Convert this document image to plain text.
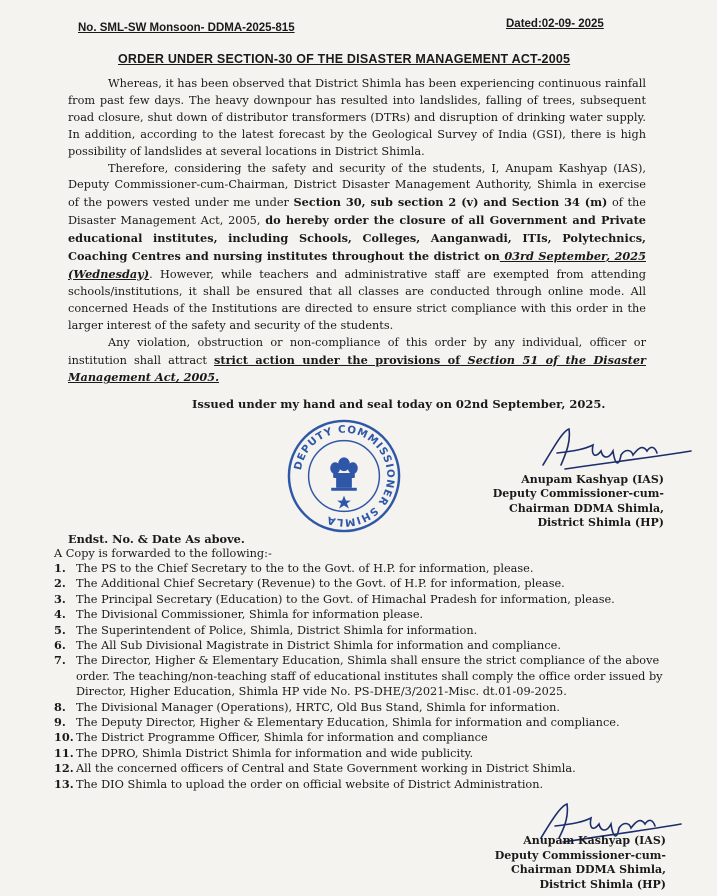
No. SML-SW Monsoon- DDMA-2025-815	Dated:02-09- 2025
ORDER UNDER SECTION-30 OF THE DISASTER MANAGEMENT ACT-2005

Whereas, it has been observed that District Shimla has been experiencing continuous rainfall from past few days. The heavy downpour has resulted into landslides, falling of trees, subsequent road closure, shut down of distributor transformers (DTRs) and disruption of drinking water supply. In addition, according to the latest forecast by the Geological Survey of India (GSI), there is high possibility of landslides at several locations in District Shimla.

Therefore, considering the safety and security of the students, I, Anupam Kashyap (IAS), Deputy Commissioner-cum-Chairman, District Disaster Management Authority, Shimla in exercise of the powers vested under me under Section 30, sub section 2 (v) and Section 34 (m) of the Disaster Management Act, 2005, do hereby order the closure of all Government and Private educational institutes, including Schools, Colleges, Aanganwadi, ITIs, Polytechnics, Coaching Centres and nursing institutes throughout the district on 03rd September, 2025 (Wednesday). However, while teachers and administrative staff are exempted from attending schools/institutions, it shall be ensured that all classes are conducted through online mode. All concerned Heads of the Institutions are directed to ensure strict compliance with this order in the larger interest of the safety and security of the students.

Any violation, obstruction or non-compliance of this order by any individual, officer or institution shall attract strict action under the provisions of Section 51 of the Disaster Management Act, 2005.

Issued under my hand and seal today on 02nd September, 2025.
DEPUTY COMMISSIONER SHIMLA
Anupam Kashyap (IAS)
Deputy Commissioner-cum-
Chairman DDMA Shimla,
District Shimla (HP)
Endst. No. & Date As above.
A Copy is forwarded to the following:-
1. The PS to the Chief Secretary to the to the Govt. of H.P. for information, please.
2. The Additional Chief Secretary (Revenue) to the Govt. of H.P. for information, please.
3. The Principal Secretary (Education) to the Govt. of Himachal Pradesh for information, please.
4. The Divisional Commissioner, Shimla for information please.
5. The Superintendent of Police, Shimla, District Shimla for information.
6. The All Sub Divisional Magistrate in District Shimla for information and compliance.
7. The Director, Higher & Elementary Education, Shimla shall ensure the strict compliance of the above order. The teaching/non-teaching staff of educational institutes shall comply the office order issued by Director, Higher Education, Shimla HP vide No. PS-DHE/3/2021-Misc. dt.01-09-2025.
8. The Divisional Manager (Operations), HRTC, Old Bus Stand, Shimla for information.
9. The Deputy Director, Higher & Elementary Education, Shimla for information and compliance.
10. The District Programme Officer, Shimla for information and compliance
11. The DPRO, Shimla District Shimla for information and wide publicity.
12. All the concerned officers of Central and State Government working in District Shimla.
13. The DIO Shimla to upload the order on official website of District Administration.
Anupam Kashyap (IAS)
Deputy Commissioner-cum-
Chairman DDMA Shimla,
District Shimla (HP)
